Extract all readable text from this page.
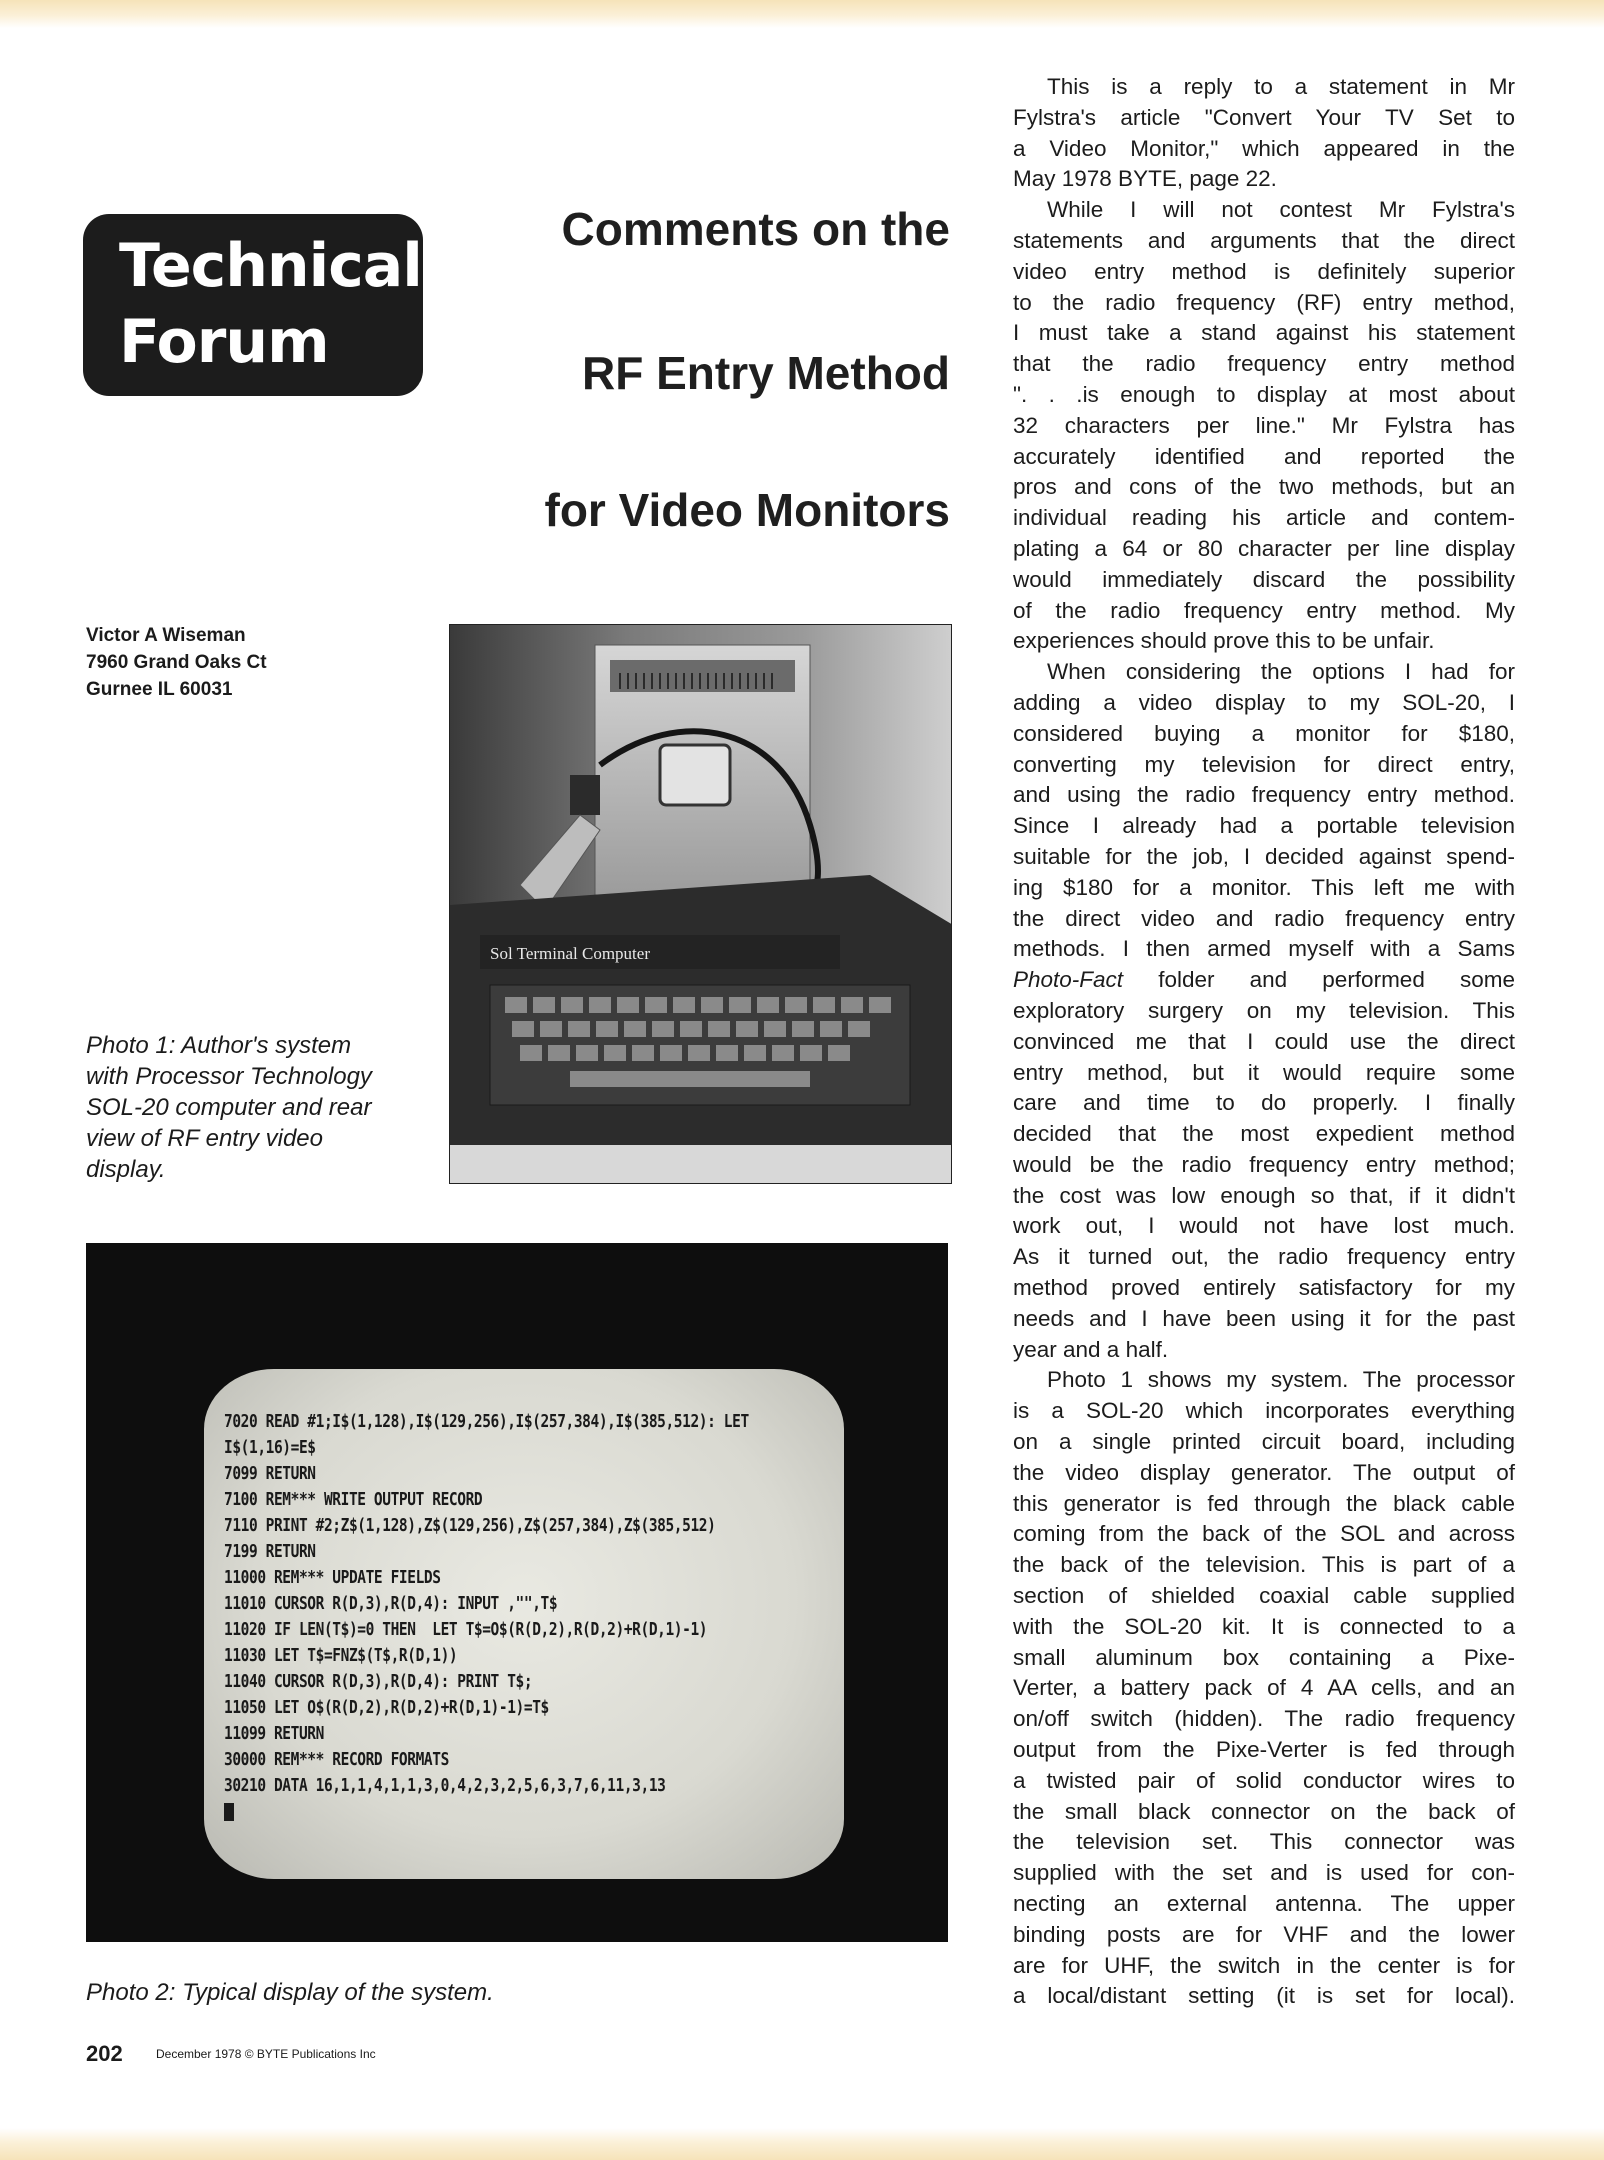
Technical
Forum
Comments on the
RF Entry Method
for Video Monitors
Victor A Wiseman
7960 Grand Oaks Ct
Gurnee IL 60031
Sol Terminal Computer
Photo 1: Author's system
with Processor Technology
SOL-20 computer and rear
view of RF entry video
display.
7020 READ #1;I$(1,128),I$(129,256),I$(257,384),I$(385,512): LET
I$(1,16)=E$
7099 RETURN
7100 REM*** WRITE OUTPUT RECORD
7110 PRINT #2;Z$(1,128),Z$(129,256),Z$(257,384),Z$(385,512)
7199 RETURN
11000 REM*** UPDATE FIELDS
11010 CURSOR R(D,3),R(D,4): INPUT ,"",T$
11020 IF LEN(T$)=0 THEN  LET T$=O$(R(D,2),R(D,2)+R(D,1)-1)
11030 LET T$=FNZ$(T$,R(D,1))
11040 CURSOR R(D,3),R(D,4): PRINT T$;
11050 LET O$(R(D,2),R(D,2)+R(D,1)-1)=T$
11099 RETURN
30000 REM*** RECORD FORMATS
30210 DATA 16,1,1,4,1,1,3,0,4,2,3,2,5,6,3,7,6,11,3,13
Photo 2: Typical display of the system.
This is a reply to a statement in Mr
Fylstra's article "Convert Your TV Set to
a Video Monitor," which appeared in the
May 1978 BYTE, page 22.
While I will not contest Mr Fylstra's
statements and arguments that the direct
video entry method is definitely superior
to the radio frequency (RF) entry method,
I must take a stand against his statement
that the radio frequency entry method
". . .is enough to display at most about
32 characters per line." Mr Fylstra has
accurately identified and reported the
pros and cons of the two methods, but an
individual reading his article and contem-
plating a 64 or 80 character per line display
would immediately discard the possibility
of the radio frequency entry method. My
experiences should prove this to be unfair.
When considering the options I had for
adding a video display to my SOL-20, I
considered buying a monitor for $180,
converting my television for direct entry,
and using the radio frequency entry method.
Since I already had a portable television
suitable for the job, I decided against spend-
ing $180 for a monitor. This left me with
the direct video and radio frequency entry
methods. I then armed myself with a Sams
Photo-Fact folder and performed some
exploratory surgery on my television. This
convinced me that I could use the direct
entry method, but it would require some
care and time to do properly. I finally
decided that the most expedient method
would be the radio frequency entry method;
the cost was low enough so that, if it didn't
work out, I would not have lost much.
As it turned out, the radio frequency entry
method proved entirely satisfactory for my
needs and I have been using it for the past
year and a half.
Photo 1 shows my system. The processor
is a SOL-20 which incorporates everything
on a single printed circuit board, including
the video display generator. The output of
this generator is fed through the black cable
coming from the back of the SOL and across
the back of the television. This is part of a
section of shielded coaxial cable supplied
with the SOL-20 kit. It is connected to a
small aluminum box containing a Pixe-
Verter, a battery pack of 4 AA cells, and an
on/off switch (hidden). The radio frequency
output from the Pixe-Verter is fed through
a twisted pair of solid conductor wires to
the small black connector on the back of
the television set. This connector was
supplied with the set and is used for con-
necting an external antenna. The upper
binding posts are for VHF and the lower
are for UHF, the switch in the center is for
a local/distant setting (it is set for local).
202	December 1978 © BYTE Publications Inc
